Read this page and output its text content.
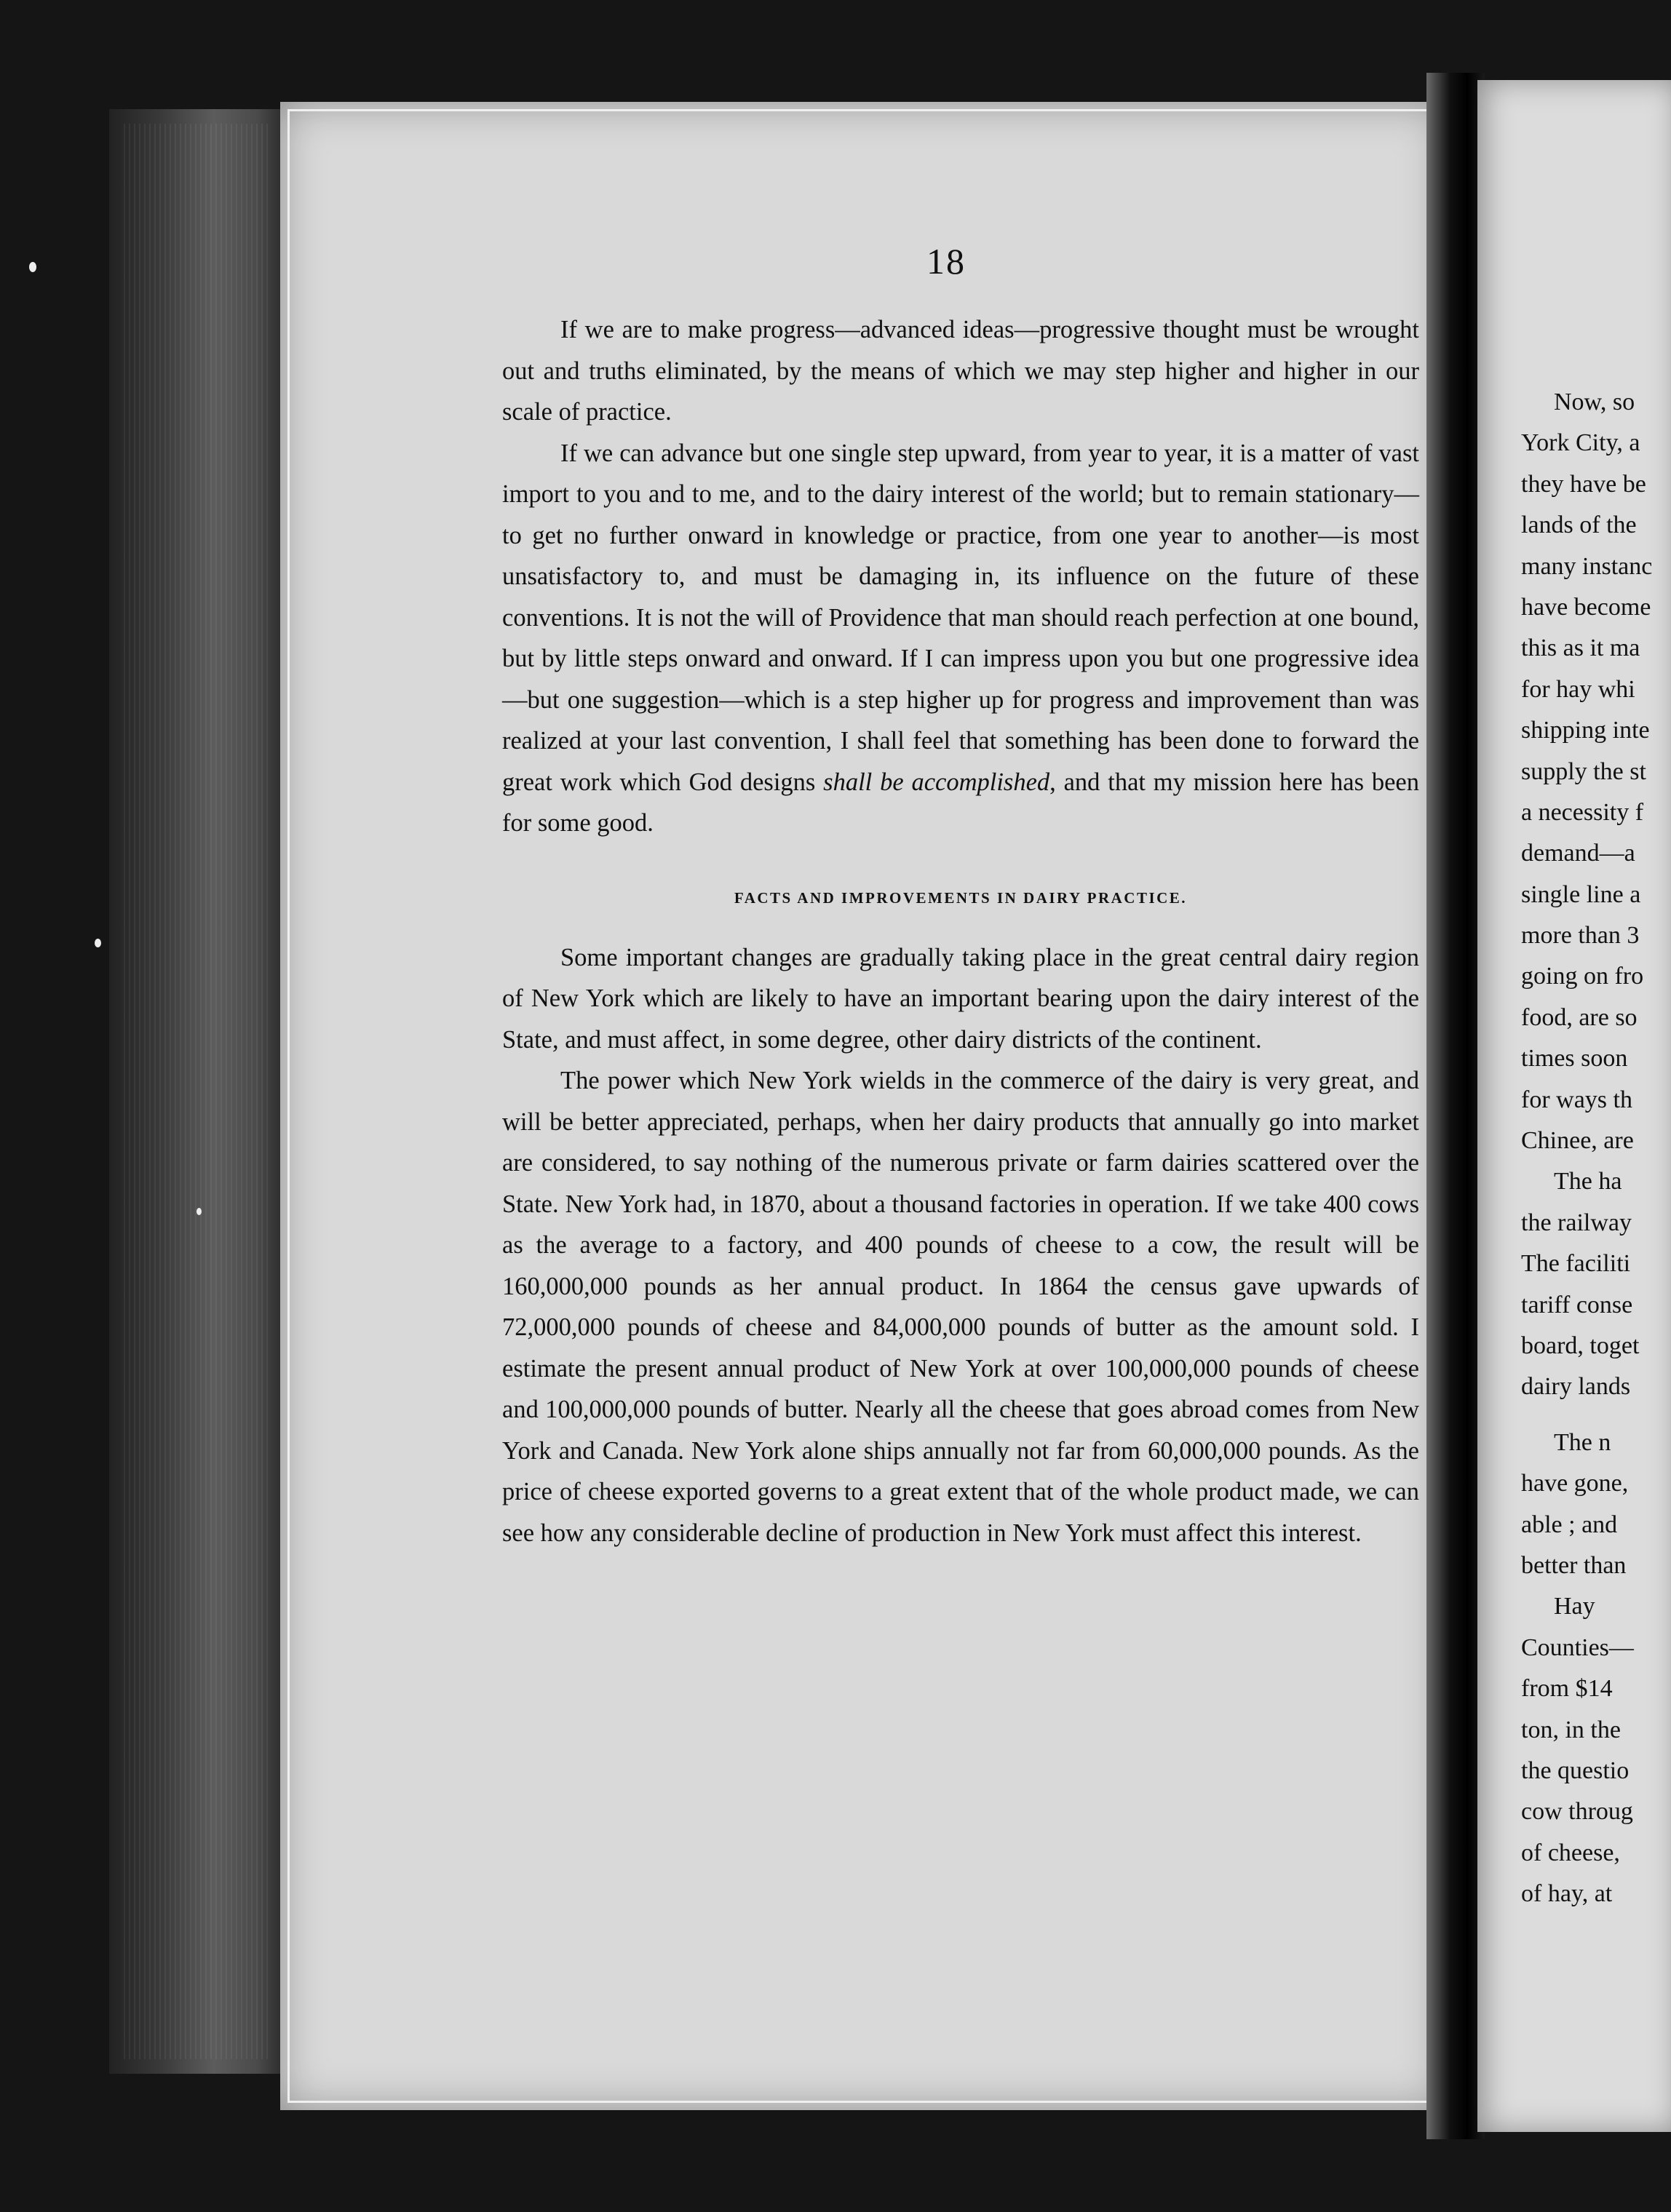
Now, so
York City, a
they have be
lands of the
many instanc
have become
this as it ma
for hay whi
shipping inte
supply the st
a necessity f
demand—a
single line a
more than 3
going on fro
food, are so
times soon
for ways th
Chinee, are
The ha
the railway
The faciliti
tariff conse
board, toget
dairy lands
The n
have gone,
able ; and
better than
Hay
Counties—
from $14
ton, in the
the questio
cow throug
of cheese,
of hay, at
18

If we are to make progress—advanced ideas—progressive thought must be wrought out and truths eliminated, by the means of which we may step higher and higher in our scale of practice.

If we can advance but one single step upward, from year to year, it is a matter of vast import to you and to me, and to the dairy interest of the world; but to remain stationary—to get no further onward in knowledge or practice, from one year to another—is most unsatisfactory to, and must be damaging in, its influence on the future of these conventions. It is not the will of Providence that man should reach perfection at one bound, but by little steps onward and onward. If I can impress upon you but one progressive idea—but one suggestion—which is a step higher up for progress and improvement than was realized at your last convention, I shall feel that something has been done to forward the great work which God designs shall be accomplished, and that my mission here has been for some good.

FACTS AND IMPROVEMENTS IN DAIRY PRACTICE.

Some important changes are gradually taking place in the great central dairy region of New York which are likely to have an important bearing upon the dairy interest of the State, and must affect, in some degree, other dairy districts of the continent.

The power which New York wields in the commerce of the dairy is very great, and will be better appreciated, perhaps, when her dairy products that annually go into market are considered, to say nothing of the numerous private or farm dairies scattered over the State. New York had, in 1870, about a thousand factories in operation. If we take 400 cows as the average to a factory, and 400 pounds of cheese to a cow, the result will be 160,000,000 pounds as her annual product. In 1864 the census gave upwards of 72,000,000 pounds of cheese and 84,000,000 pounds of butter as the amount sold. I estimate the present annual product of New York at over 100,000,000 pounds of cheese and 100,000,000 pounds of butter. Nearly all the cheese that goes abroad comes from New York and Canada. New York alone ships annually not far from 60,000,000 pounds. As the price of cheese exported governs to a great extent that of the whole product made, we can see how any considerable decline of production in New York must affect this interest.
